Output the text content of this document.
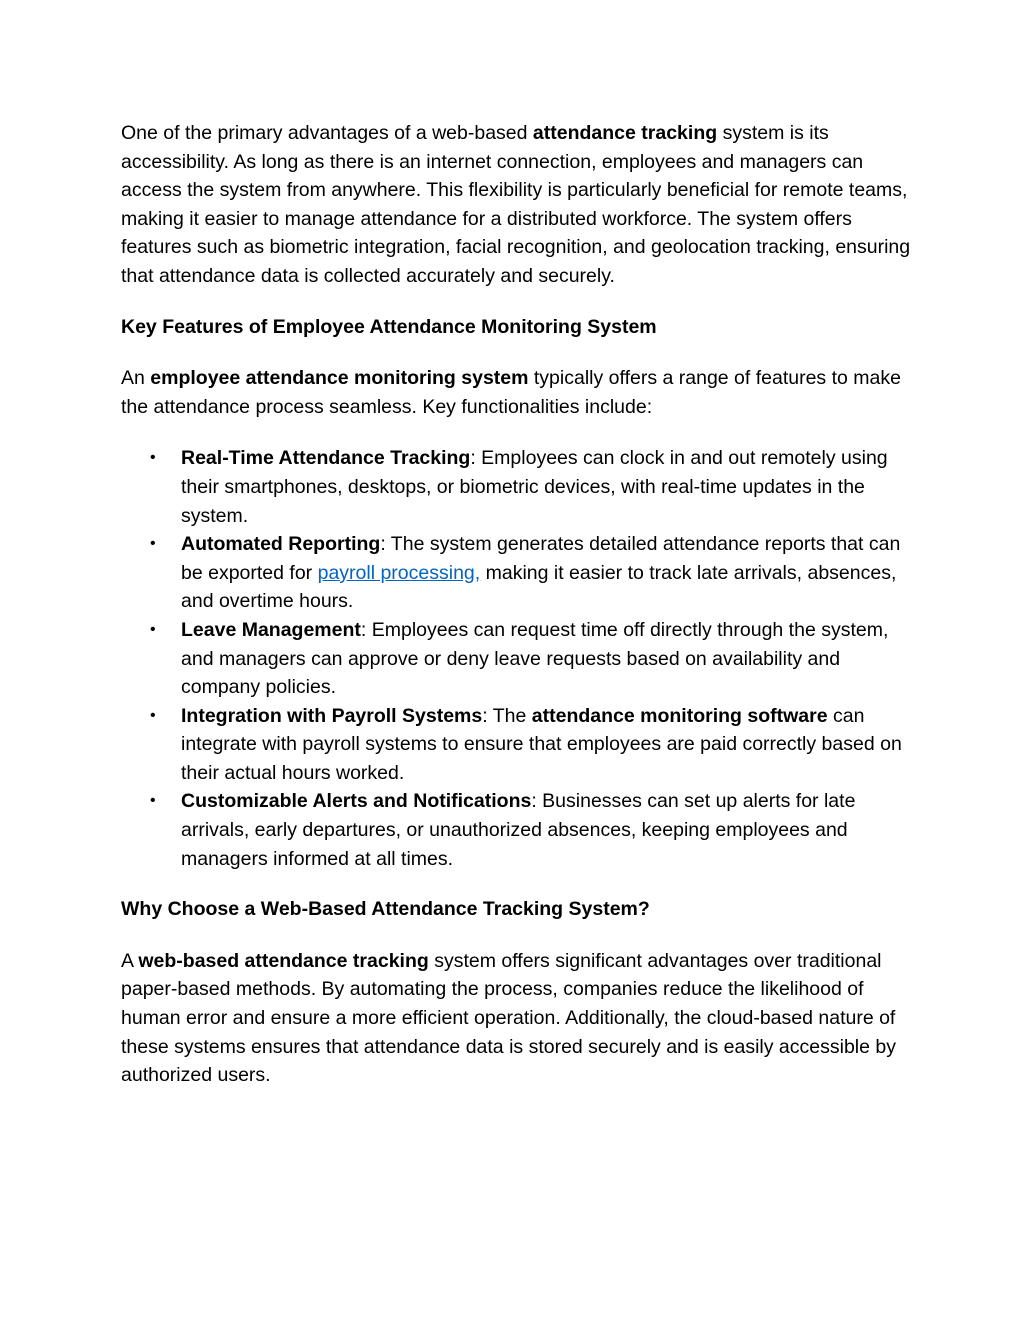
One of the primary advantages of a web-based attendance tracking system is its accessibility. As long as there is an internet connection, employees and managers can access the system from anywhere. This flexibility is particularly beneficial for remote teams, making it easier to manage attendance for a distributed workforce. The system offers features such as biometric integration, facial recognition, and geolocation tracking, ensuring that attendance data is collected accurately and securely.

Key Features of Employee Attendance Monitoring System

An employee attendance monitoring system typically offers a range of features to make the attendance process seamless. Key functionalities include:

• Real-Time Attendance Tracking: Employees can clock in and out remotely using their smartphones, desktops, or biometric devices, with real-time updates in the system.
• Automated Reporting: The system generates detailed attendance reports that can be exported for payroll processing, making it easier to track late arrivals, absences, and overtime hours.
• Leave Management: Employees can request time off directly through the system, and managers can approve or deny leave requests based on availability and company policies.
• Integration with Payroll Systems: The attendance monitoring software can integrate with payroll systems to ensure that employees are paid correctly based on their actual hours worked.
• Customizable Alerts and Notifications: Businesses can set up alerts for late arrivals, early departures, or unauthorized absences, keeping employees and managers informed at all times.

Why Choose a Web-Based Attendance Tracking System?

A web-based attendance tracking system offers significant advantages over traditional paper-based methods. By automating the process, companies reduce the likelihood of human error and ensure a more efficient operation. Additionally, the cloud-based nature of these systems ensures that attendance data is stored securely and is easily accessible by authorized users.
